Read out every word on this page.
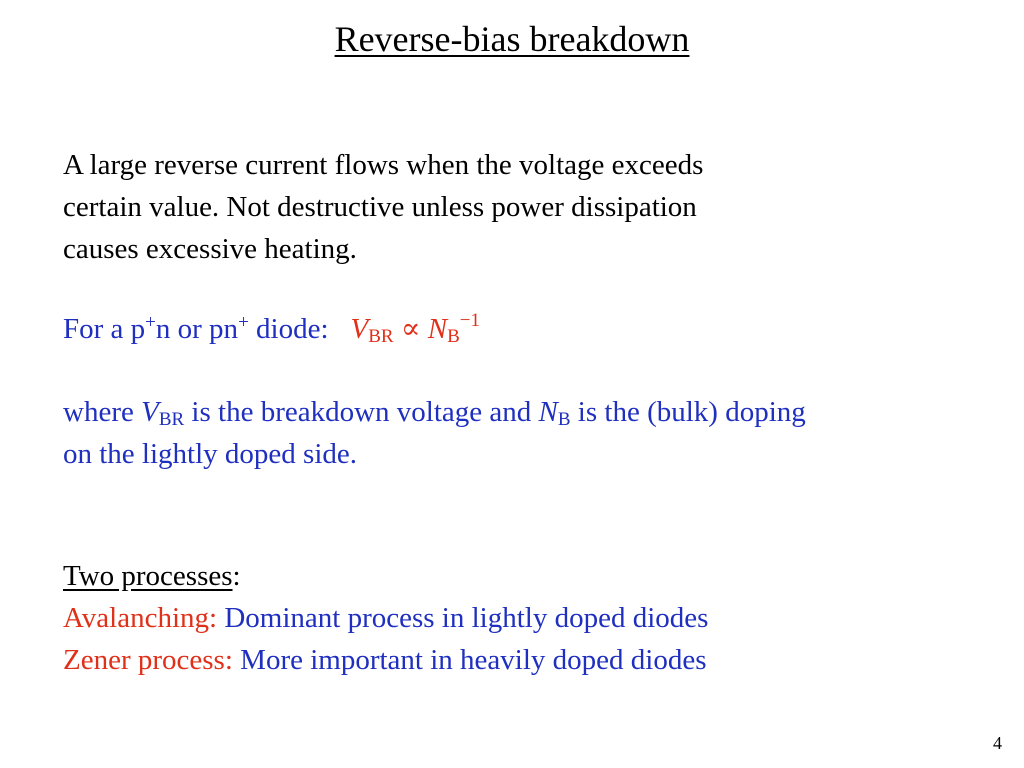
Reverse-bias breakdown
A large reverse current flows when the voltage exceeds
certain value. Not destructive unless power dissipation
causes excessive heating.
For a p+n or pn+ diode: $V_{BR} \propto N_B^{-1}$
where $V_{BR}$ is the breakdown voltage and $N_B$ is the (bulk) doping
on the lightly doped side.
Two processes:
Avalanching: Dominant process in lightly doped diodes
Zener process: More important in heavily doped diodes
4
